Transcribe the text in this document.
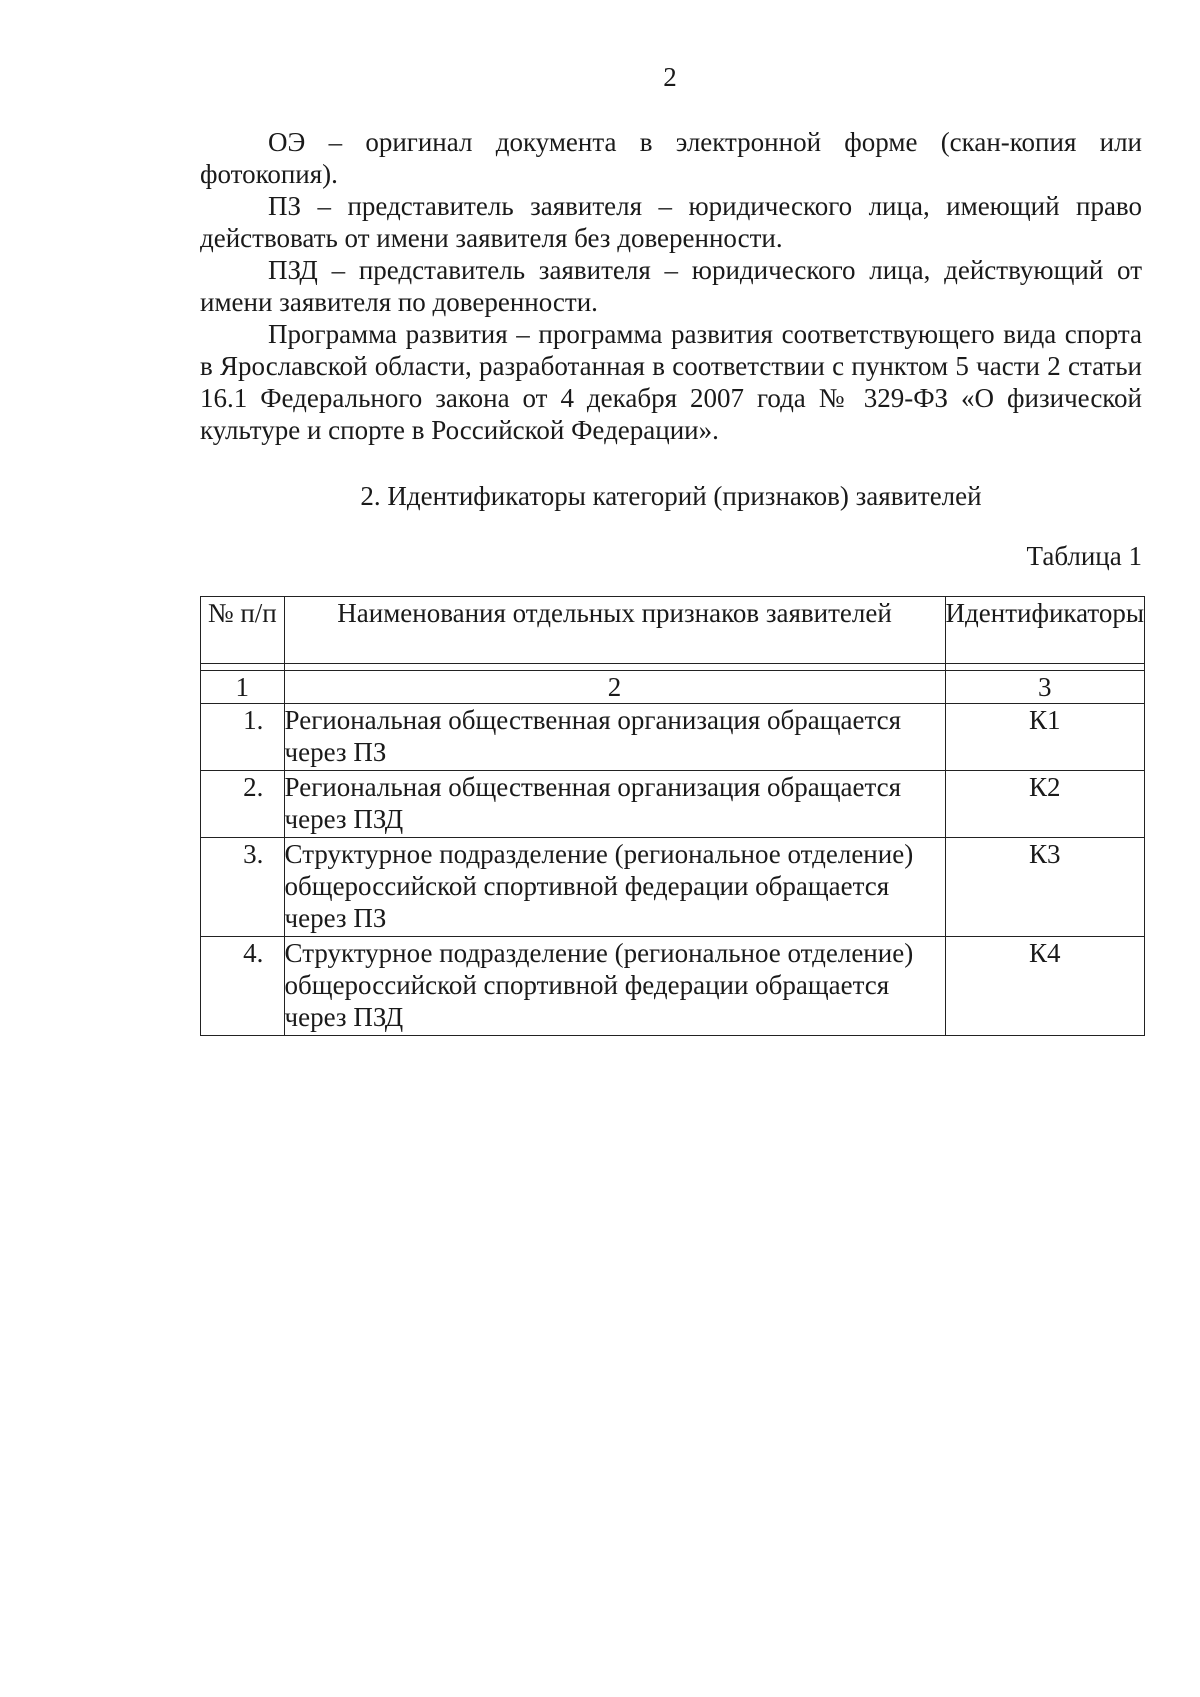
2

ОЭ – оригинал документа в электронной форме (скан-копия или фотокопия).

ПЗ – представитель заявителя – юридического лица, имеющий право действовать от имени заявителя без доверенности.

ПЗД – представитель заявителя – юридического лица, действующий от имени заявителя по доверенности.

Программа развития – программа развития соответствующего вида спорта в Ярославской области, разработанная в соответствии с пунктом 5 части 2 статьи 16.1 Федерального закона от 4 декабря 2007 года № 329-ФЗ «О физической культуре и спорте в Российской Федерации».

2. Идентификаторы категорий (признаков) заявителей
Таблица 1
№ п/п	Наименования отдельных признаков заявителей	Идентификаторы

1	2	3
1.	Региональная общественная организация обращается через ПЗ	К1
2.	Региональная общественная организация обращается через ПЗД	К2
3.	Структурное подразделение (региональное отделение) общероссийской спортивной федерации обращается через ПЗ	К3
4.	Структурное подразделение (региональное отделение) общероссийской спортивной федерации обращается через ПЗД	К4
